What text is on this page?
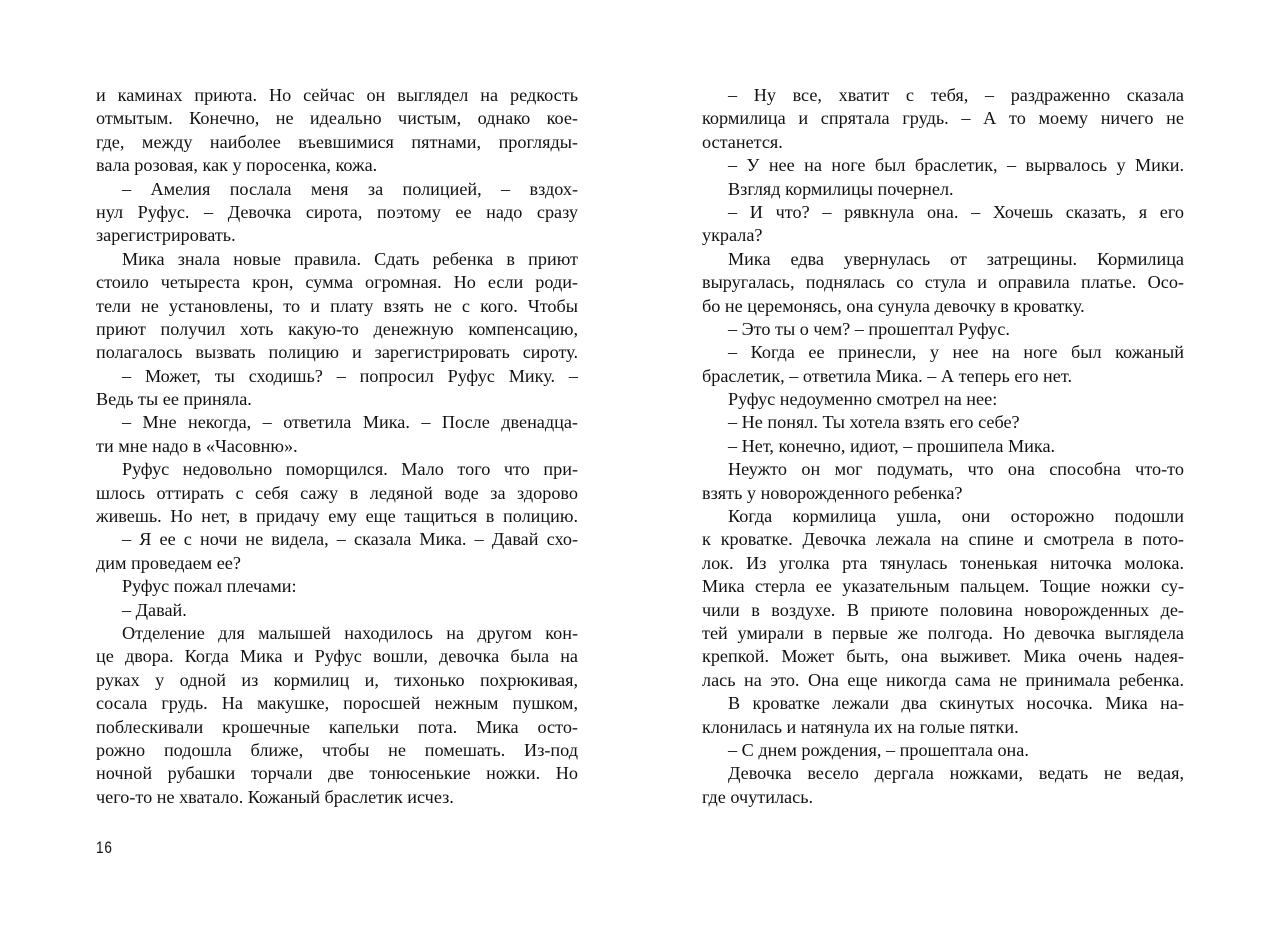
и каминах приюта. Но сейчас он выглядел на редкость
отмытым. Конечно, не идеально чистым, однако кое-
где, между наиболее въевшимися пятнами, прогляды-
вала розовая, как у поросенка, кожа.
– Амелия послала меня за полицией, – вздох-
нул Руфус. – Девочка сирота, поэтому ее надо сразу
зарегистрировать.
Мика знала новые правила. Сдать ребенка в приют
стоило четыреста крон, сумма огромная. Но если роди-
тели не установлены, то и плату взять не с кого. Чтобы
приют получил хоть какую-то денежную компенсацию,
полагалось вызвать полицию и зарегистрировать сироту.
– Может, ты сходишь? – попросил Руфус Мику. –
Ведь ты ее приняла.
– Мне некогда, – ответила Мика. – После двенадца-
ти мне надо в «Часовню».
Руфус недовольно поморщился. Мало того что при-
шлось оттирать с себя сажу в ледяной воде за здорово
живешь. Но нет, в придачу ему еще тащиться в полицию.
– Я ее с ночи не видела, – сказала Мика. – Давай схо-
дим проведаем ее?
Руфус пожал плечами:
– Давай.
Отделение для малышей находилось на другом кон-
це двора. Когда Мика и Руфус вошли, девочка была на
руках у одной из кормилиц и, тихонько похрюкивая,
сосала грудь. На макушке, поросшей нежным пушком,
поблескивали крошечные капельки пота. Мика осто-
рожно подошла ближе, чтобы не помешать. Из-под
ночной рубашки торчали две тонюсенькие ножки. Но
чего-то не хватало. Кожаный браслетик исчез.
– Ну все, хватит с тебя, – раздраженно сказала
кормилица и спрятала грудь. – А то моему ничего не
останется.
– У нее на ноге был браслетик, – вырвалось у Мики.
Взгляд кормилицы почернел.
– И что? – рявкнула она. – Хочешь сказать, я его
украла?
Мика едва увернулась от затрещины. Кормилица
выругалась, поднялась со стула и оправила платье. Осо-
бо не церемонясь, она сунула девочку в кроватку.
– Это ты о чем? – прошептал Руфус.
– Когда ее принесли, у нее на ноге был кожаный
браслетик, – ответила Мика. – А теперь его нет.
Руфус недоуменно смотрел на нее:
– Не понял. Ты хотела взять его себе?
– Нет, конечно, идиот, – прошипела Мика.
Неужто он мог подумать, что она способна что-то
взять у новорожденного ребенка?
Когда кормилица ушла, они осторожно подошли
к кроватке. Девочка лежала на спине и смотрела в пото-
лок. Из уголка рта тянулась тоненькая ниточка молока.
Мика стерла ее указательным пальцем. Тощие ножки су-
чили в воздухе. В приюте половина новорожденных де-
тей умирали в первые же полгода. Но девочка выглядела
крепкой. Может быть, она выживет. Мика очень надея-
лась на это. Она еще никогда сама не принимала ребенка.
В кроватке лежали два скинутых носочка. Мика на-
клонилась и натянула их на голые пятки.
– С днем рождения, – прошептала она.
Девочка весело дергала ножками, ведать не ведая,
где очутилась.
16
